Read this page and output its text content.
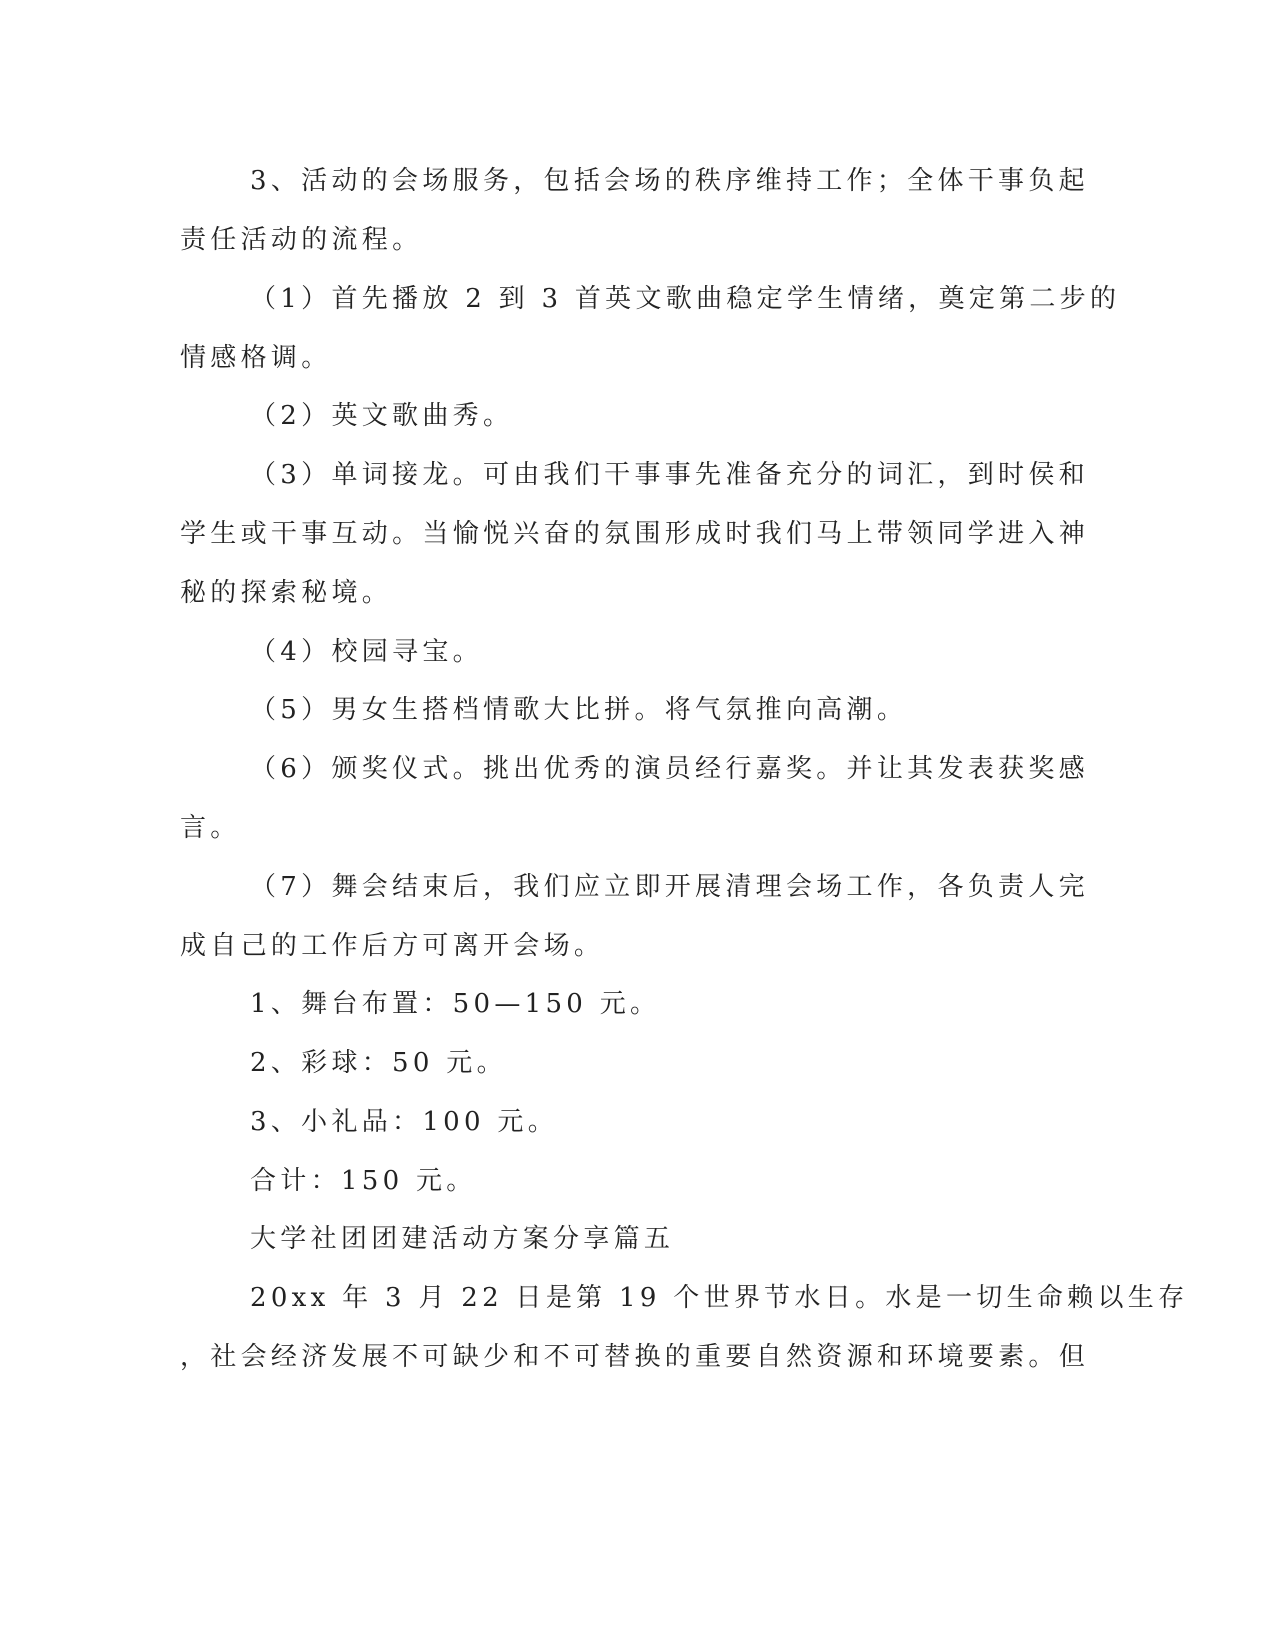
3、活动的会场服务，包括会场的秩序维持工作；全体干事负起
责任活动的流程。
（1）首先播放 2 到 3 首英文歌曲稳定学生情绪，奠定第二步的
情感格调。
（2）英文歌曲秀。
（3）单词接龙。可由我们干事事先准备充分的词汇，到时侯和
学生或干事互动。当愉悦兴奋的氛围形成时我们马上带领同学进入神
秘的探索秘境。
（4）校园寻宝。
（5）男女生搭档情歌大比拼。将气氛推向高潮。
（6）颁奖仪式。挑出优秀的演员经行嘉奖。并让其发表获奖感
言。
（7）舞会结束后，我们应立即开展清理会场工作，各负责人完
成自己的工作后方可离开会场。
1、舞台布置：50—150 元。
2、彩球：50 元。
3、小礼品：100 元。
合计：150 元。
大学社团团建活动方案分享篇五
20xx 年 3 月 22 日是第 19 个世界节水日。水是一切生命赖以生存
，社会经济发展不可缺少和不可替换的重要自然资源和环境要素。但
